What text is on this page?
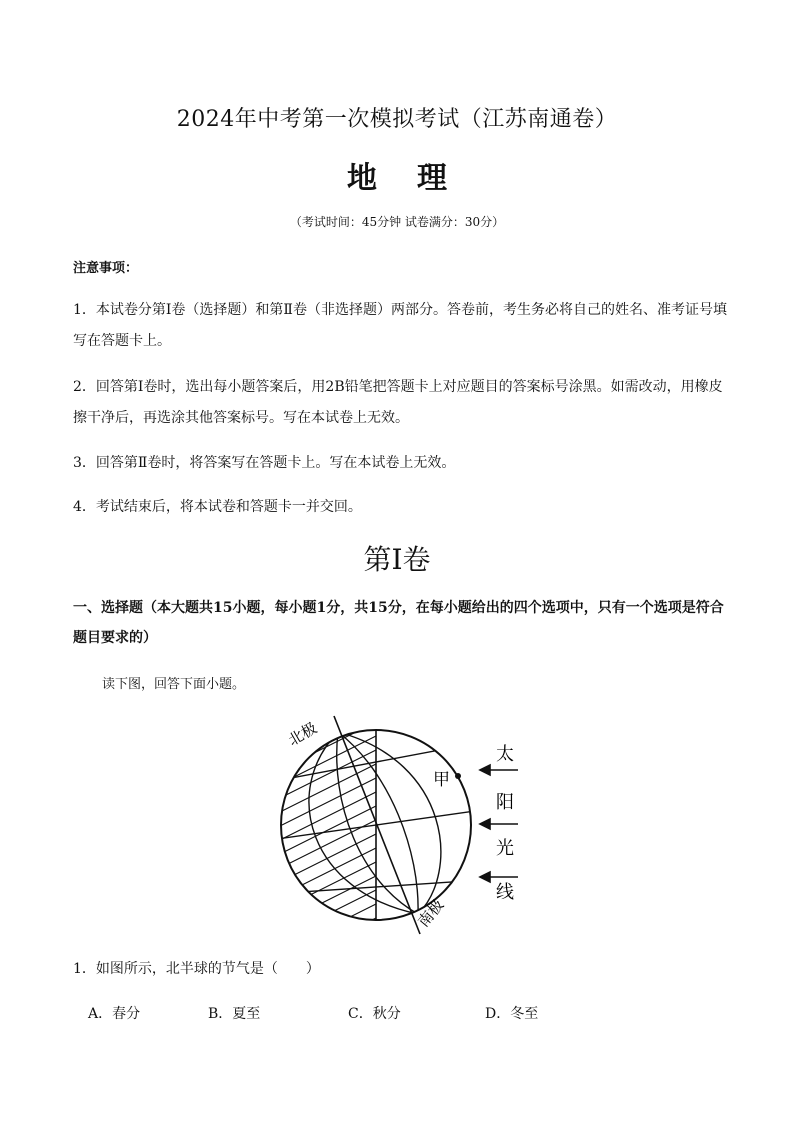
2024年中考第一次模拟考试（江苏南通卷）
地理
（考试时间：45分钟 试卷满分：30分）
注意事项：
1．本试卷分第Ⅰ卷（选择题）和第Ⅱ卷（非选择题）两部分。答卷前，考生务必将自己的姓名、准考证号填写在答题卡上。
2．回答第Ⅰ卷时，选出每小题答案后，用2B铅笔把答题卡上对应题目的答案标号涂黑。如需改动，用橡皮擦干净后，再选涂其他答案标号。写在本试卷上无效。
3．回答第Ⅱ卷时，将答案写在答题卡上。写在本试卷上无效。
4．考试结束后，将本试卷和答题卡一并交回。
第Ⅰ卷
一、选择题（本大题共15小题，每小题1分，共15分，在每小题给出的四个选项中，只有一个选项是符合题目要求的）
读下图，回答下面小题。
甲
北极
南极
太
阳
光
线
1．如图所示，北半球的节气是（　　）
A．春分	B．夏至	C．秋分	D．冬至
